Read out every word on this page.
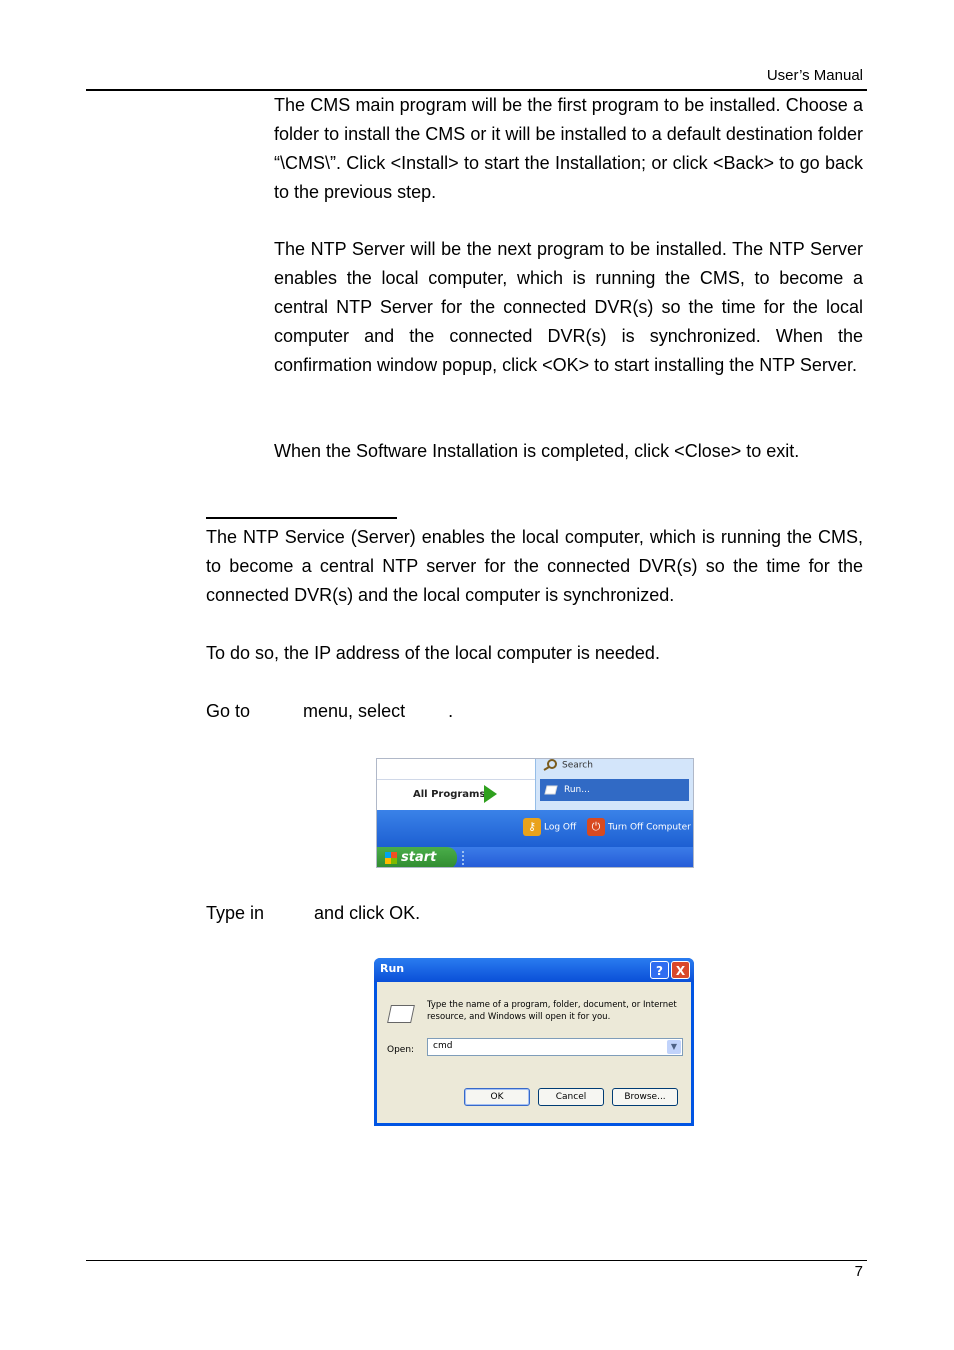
User’s Manual

The CMS main program will be the first program to be installed. Choose a folder to install the CMS or it will be installed to a default destination folder “\CMS\”. Click <Install> to start the Installation; or click <Back> to go back to the previous step.

The NTP Server will be the next program to be installed. The NTP Server enables the local computer, which is running the CMS, to become a central NTP Server for the connected DVR(s) so the time for the local computer and the connected DVR(s) is synchronized. When the confirmation window popup, click <OK> to start installing the NTP Server.

When the Software Installation is completed, click <Close> to exit.

The NTP Service (Server) enables the local computer, which is running the CMS, to become a central NTP server for the connected DVR(s) so the time for the connected DVR(s) and the local computer is synchronized.

To do so, the IP address of the local computer is needed.

Go to	menu, select .

All Programs
Search
Run...
⚷ Log Off	⏻ Turn Off Computer
start

Type in	and click OK.

Run	?	X
Type the name of a program, folder, document, or Internet resource, and Windows will open it for you.
Open: cmd	▼
OK	Cancel	Browse...
7
